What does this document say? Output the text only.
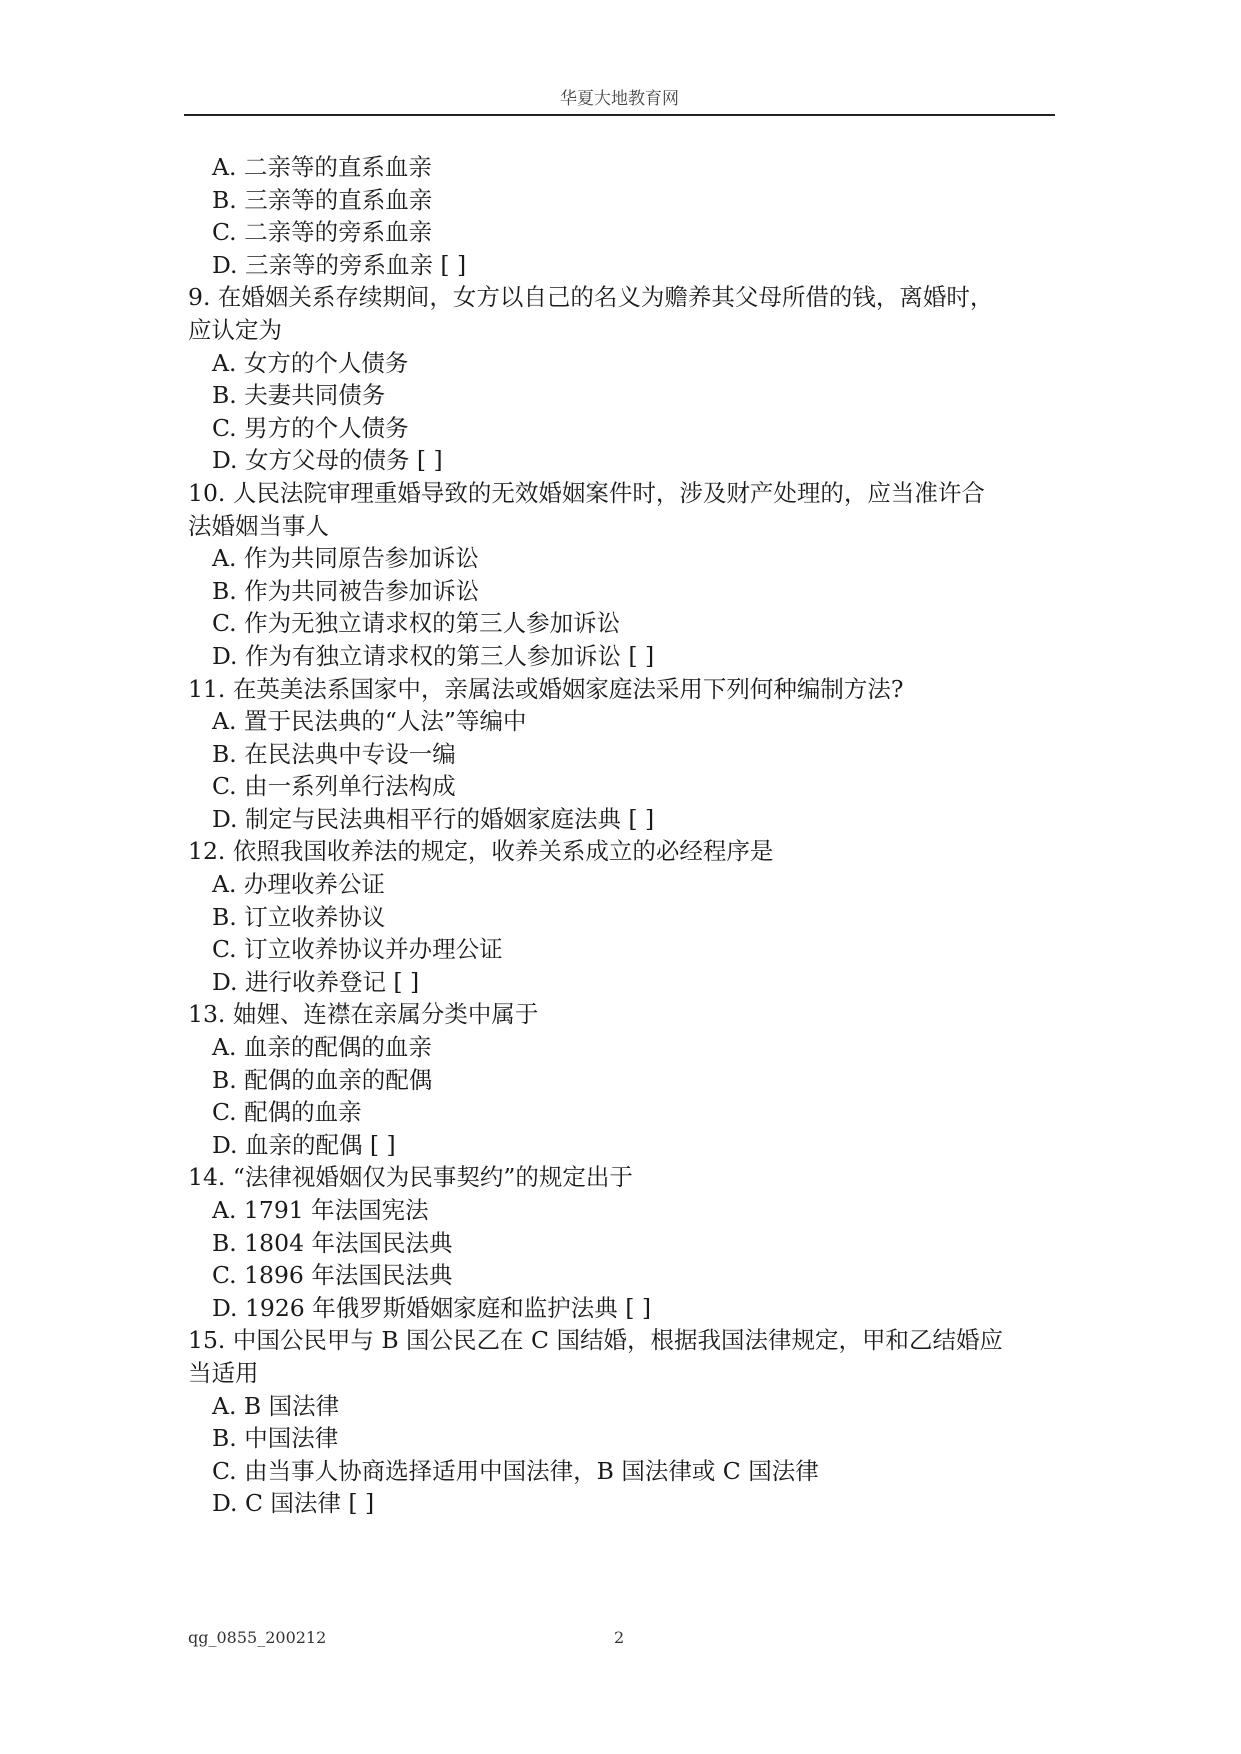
华夏大地教育网
A. 二亲等的直系血亲
B. 三亲等的直系血亲
C. 二亲等的旁系血亲
D. 三亲等的旁系血亲 [ ]
9. 在婚姻关系存续期间，女方以自己的名义为赡养其父母所借的钱，离婚时，
应认定为
A. 女方的个人债务
B. 夫妻共同债务
C. 男方的个人债务
D. 女方父母的债务 [ ]
10. 人民法院审理重婚导致的无效婚姻案件时，涉及财产处理的，应当准许合
法婚姻当事人
A. 作为共同原告参加诉讼
B. 作为共同被告参加诉讼
C. 作为无独立请求权的第三人参加诉讼
D. 作为有独立请求权的第三人参加诉讼 [ ]
11. 在英美法系国家中，亲属法或婚姻家庭法采用下列何种编制方法?
A. 置于民法典的“人法”等编中
B. 在民法典中专设一编
C. 由一系列单行法构成
D. 制定与民法典相平行的婚姻家庭法典 [ ]
12. 依照我国收养法的规定，收养关系成立的必经程序是
A. 办理收养公证
B. 订立收养协议
C. 订立收养协议并办理公证
D. 进行收养登记 [ ]
13. 妯娌、连襟在亲属分类中属于
A. 血亲的配偶的血亲
B. 配偶的血亲的配偶
C. 配偶的血亲
D. 血亲的配偶 [ ]
14. “法律视婚姻仅为民事契约”的规定出于
A. 1791 年法国宪法
B. 1804 年法国民法典
C. 1896 年法国民法典
D. 1926 年俄罗斯婚姻家庭和监护法典 [ ]
15. 中国公民甲与 B 国公民乙在 C 国结婚，根据我国法律规定，甲和乙结婚应
当适用
A. B 国法律
B. 中国法律
C. 由当事人协商选择适用中国法律，B 国法律或 C 国法律
D. C 国法律 [ ]
qg_0855_200212	2
